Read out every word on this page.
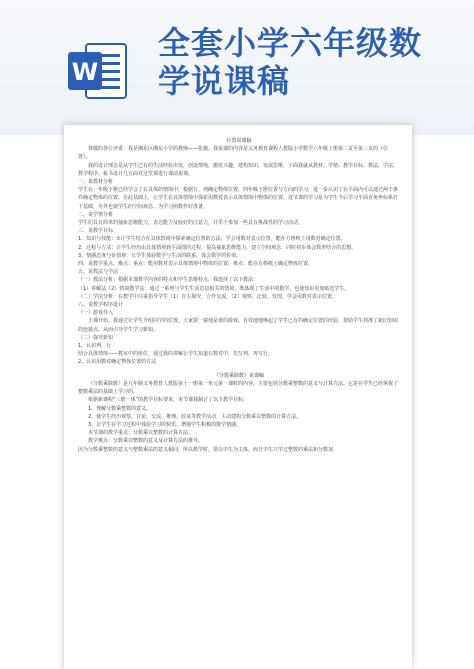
W
全套小学六年级数
学说课稿

位置说课稿

尊敬的各位评委：我是湘东区湘东小学的教师——张薇。我说课的内容是义务教育课程人教版小学数学六年级上册第二页至第三页的《位置》。

我的设计理念是从学生已有的生活经验出发，创设情境，激发兴趣，建构知识，发展思维，下面我就从教材、学情、教学目标、教法、学法、教学程序、板书设计几方面对这堂课进行课前说课。

一、说教材分析

学生在一年级下册已经学会了在具体的情境中，根据行、列确定物体位置，四年级下册位置与方向的学习，进一步认识了在平面内可以通过两个条件确定物体的位置。在此基础上，让学生在具体情境中探索用数对表示具体情境中物体的位置。这节课的学习是为学生今后学习平面直角坐标系打下基础，另外也使学生的空间观念，为学习函数作好准备。

二、说学情分析

学生们具有简单的抽象思维能力，表达能力及较好的注意力，并乐于参加一些具有挑战性的学习活动。

三、说教学目标

1、知识与技能：①让学生结合在具体情境中探索确定位置的方法，学会用数对表示位置，能在方格纸上用数对确定位置。

2、过程与方法：让学生经历由具体情境到平面图的过程，提高抽象思维能力，建立空间观念，同时初步体会数形结合的思想。

3、情感态度与价值观：让学生体验数学与生活的联系，体会数学的价值。

四、说教学重点、难点：重点：能用数对表示具体情境中物体的位置。难点：能在方格纸上确定物体位置。

五、说教法与学法

（一）教法分析：根据本课教学内容的特点和学生思维特点，我选择了以下教法：

（1）讲解法（2）情境教学法：通过一系列与学生生活息息相关的情境，既体现了生活中的数学，也使知识更加贴近学生。

（二）学法分析：在教学中注重指导学生（1）自主探究，合作交流，（2）观察、比较、发现，学会用数对表示位置。

六、说教学程序设计

（一）游戏导入

上课开始，我通过让学生介绍同学的位置，大家猜一猜他是谁的游戏，有效地地唤起了学生已有的确定位置的经验，帮助学生找准了新旧知识的连接点，从而引导学生学习新知。

（二）探究新知

1、认识列、行

结合具体情境——教室中的座位，通过我的讲解让学生知道在数对中，先写列，再写行，

2、认识用数对确定物体位置的方法

《分数乘除数》说课稿

《分数乘除数》是九年制义务教育人教版第十一册第一单元第一课时的内容。主要包括分数乘整数的意义与计算方法。它是在学生已经掌握了整数乘法的基础上学习的。

依据新课程“三维一体”的教学目标要求，本节课我制订了以下教学目标：

1、理解分数乘整数的意义。

2、使学生经历观察、讨论、交流、推理、验证等教学活动，主动建构分数乘以整数的计算方法。

3、让学生在学习过程中体验学习的快乐，增强学生积极的数学情感。

本节课的教学重点：分数乘以整数的计算方法。

教学难点：分数乘以整数的意义及计算方法的推导。

因为分数乘整数的意义与整数乘法的意义相同，所以教学时，要以学生为主体，而且学生只学过整数的乘法和分数加
